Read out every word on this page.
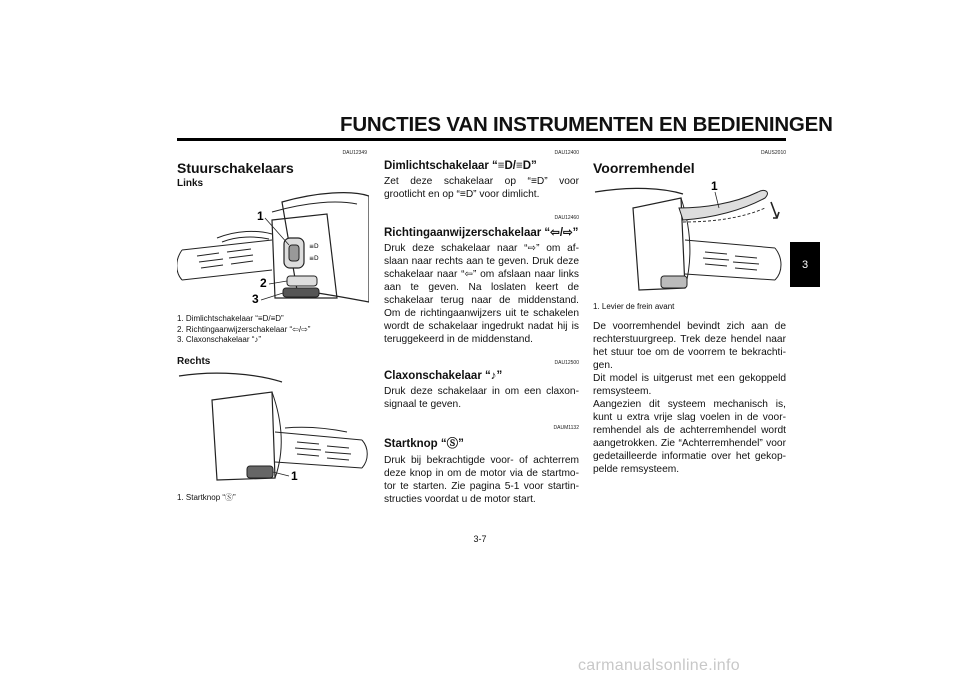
FUNCTIES VAN INSTRUMENTEN EN BEDIENINGEN
3
DAU12349
Stuurschakelaars
Links
≡D
≡D
1
2
3
1. Dimlichtschakelaar “≡D/≡D”
2. Richtingaanwijzerschakelaar “⇦/⇨”
3. Claxonschakelaar “♪”
Rechts
1
1. Startknop “Ⓢ”
DAU12400
Dimlichtschakelaar “≡D/≡D”
Zet deze schakelaar op “≡D” voor grootlicht en op “≡D” voor dimlicht.
DAU12460
Richtingaanwijzerschakelaar “⇦/⇨”
Druk deze schakelaar naar “⇨” om af-slaan naar rechts aan te geven. Druk deze schakelaar naar “⇦” om afslaan naar links aan te geven. Na loslaten keert de schakelaar terug naar de middenstand. Om de richtingaanwijzers uit te schakelen wordt de schakelaar ingedrukt nadat hij is teruggekeerd in de middenstand.
DAU12500
Claxonschakelaar “♪”
Druk deze schakelaar in om een claxon-signaal te geven.
DAUM1132
Startknop “Ⓢ”
Druk bij bekrachtigde voor- of achterrem deze knop in om de motor via de startmo-tor te starten. Zie pagina 5-1 voor startin-structies voordat u de motor start.
DAUS2010
Voorremhendel
1
1. Levier de frein avant
De voorremhendel bevindt zich aan de rechterstuurgreep. Trek deze hendel naar het stuur toe om de voorrem te bekrachti-gen.
Dit model is uitgerust met een gekoppeld remsysteem.
Aangezien dit systeem mechanisch is, kunt u extra vrije slag voelen in de voor-remhendel als de achterremhendel wordt aangetrokken. Zie “Achterremhendel” voor gedetailleerde informatie over het gekop-pelde remsysteem.
3-7
carmanualsonline.info
